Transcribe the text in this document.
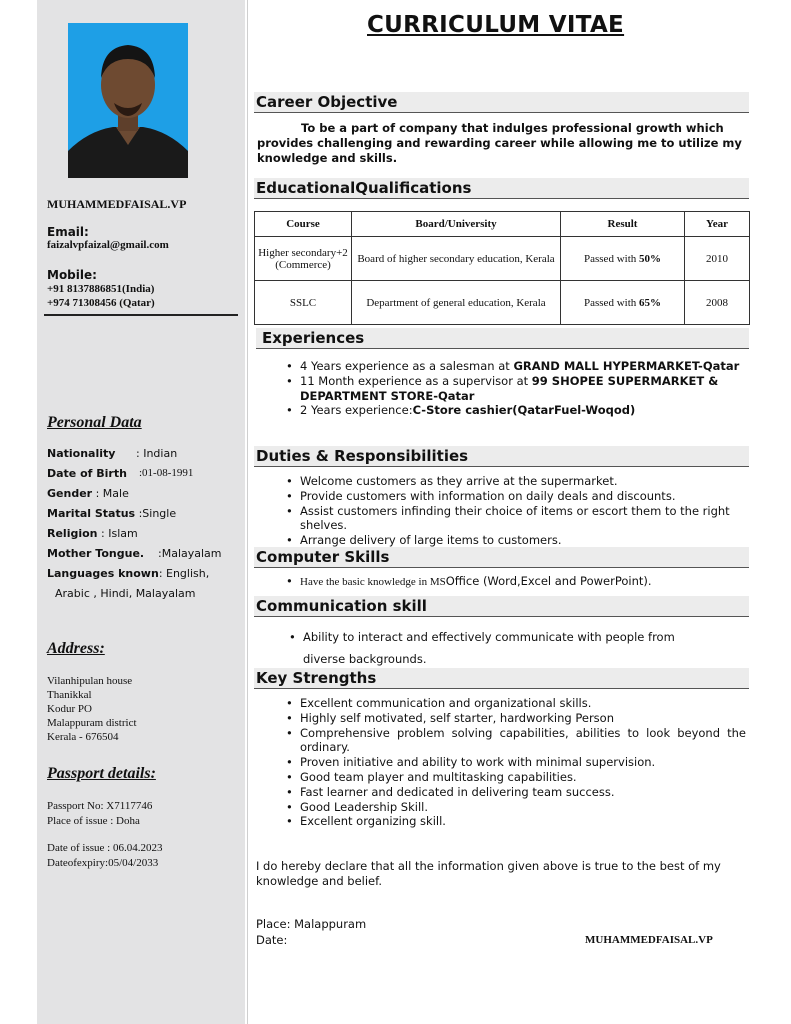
MUHAMMEDFAISAL.VP
Email:
faizalvpfaizal@gmail.com
Mobile:
+91 8137886851(India)
+974 71308456 (Qatar)
Personal Data
Nationality : Indian
Date of Birth :01-08-1991
Gender : Male
Marital Status :Single
Religion : Islam
Mother Tongue. :Malayalam
Languages known: English,
Arabic , Hindi, Malayalam
Address:
Vilanhipulan house
Thanikkal
Kodur PO
Malappuram district
Kerala - 676504
Passport details:
Passport No: X7117746
Place of issue : Doha
Date of issue : 06.04.2023
Dateofexpiry:05/04/2033
CURRICULUM VITAE
Career Objective
To be a part of company that indulges professional growth which provides challenging and rewarding career while allowing me to utilize my knowledge and skills.
EducationalQualifications
Course	Board/University	Result	Year
Higher secondary+2 (Commerce)	Board of higher secondary education, Kerala	Passed with 50%	2010
SSLC	Department of general education, Kerala	Passed with 65%	2008
Experiences
• 4 Years experience as a salesman at GRAND MALL HYPERMARKET-Qatar
• 11 Month experience as a supervisor at 99 SHOPEE SUPERMARKET & DEPARTMENT STORE-Qatar
• 2 Years experience:C-Store cashier(QatarFuel-Woqod)
Duties & Responsibilities
• Welcome customers as they arrive at the supermarket.
• Provide customers with information on daily deals and discounts.
• Assist customers infinding their choice of items or escort them to the right shelves.
• Arrange delivery of large items to customers.
Computer Skills
• Have the basic knowledge in MSOffice (Word,Excel and PowerPoint).
Communication skill
• Ability to interact and effectively communicate with people from
diverse backgrounds.
Key Strengths
• Excellent communication and organizational skills.
• Highly self motivated, self starter, hardworking Person
• Comprehensive problem solving capabilities, abilities to look beyond the ordinary.
• Proven initiative and ability to work with minimal supervision.
• Good team player and multitasking capabilities.
• Fast learner and dedicated in delivering team success.
• Good Leadership Skill.
• Excellent organizing skill.
I do hereby declare that all the information given above is true to the best of my knowledge and belief.
Place: Malappuram
Date:	MUHAMMEDFAISAL.VP
